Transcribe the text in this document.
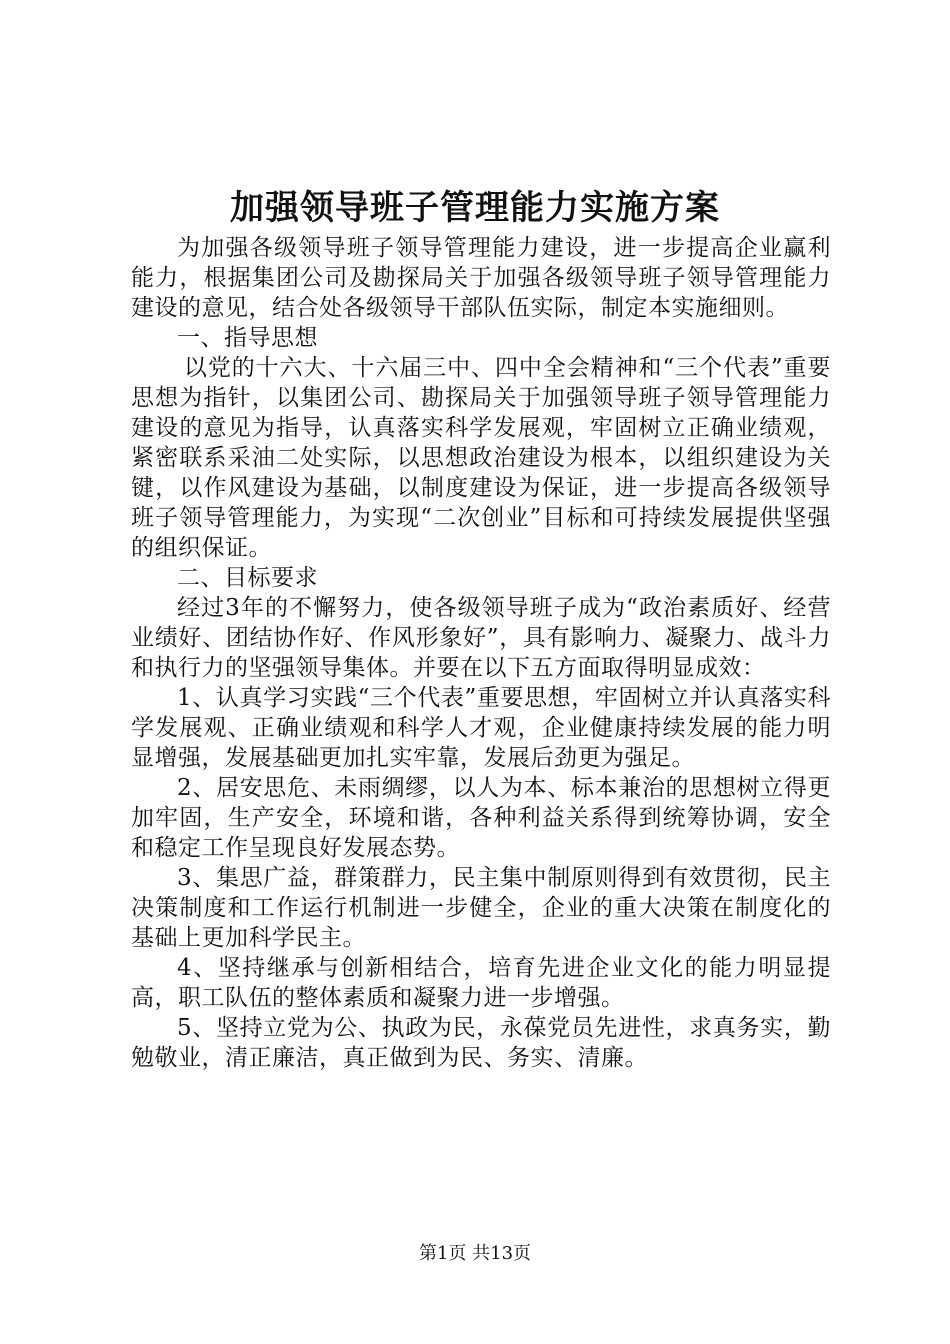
加强领导班子管理能力实施方案

为加强各级领导班子领导管理能力建设，进一步提高企业赢利能力，根据集团公司及勘探局关于加强各级领导班子领导管理能力建设的意见，结合处各级领导干部队伍实际，制定本实施细则。

一、指导思想

以党的十六大、十六届三中、四中全会精神和“三个代表”重要思想为指针，以集团公司、勘探局关于加强领导班子领导管理能力建设的意见为指导，认真落实科学发展观，牢固树立正确业绩观，紧密联系采油二处实际，以思想政治建设为根本，以组织建设为关键，以作风建设为基础，以制度建设为保证，进一步提高各级领导班子领导管理能力，为实现“二次创业”目标和可持续发展提供坚强的组织保证。

二、目标要求

经过3年的不懈努力，使各级领导班子成为“政治素质好、经营业绩好、团结协作好、作风形象好”，具有影响力、凝聚力、战斗力和执行力的坚强领导集体。并要在以下五方面取得明显成效：

1、认真学习实践“三个代表”重要思想，牢固树立并认真落实科学发展观、正确业绩观和科学人才观，企业健康持续发展的能力明显增强，发展基础更加扎实牢靠，发展后劲更为强足。

2、居安思危、未雨绸缪，以人为本、标本兼治的思想树立得更加牢固，生产安全，环境和谐，各种利益关系得到统筹协调，安全和稳定工作呈现良好发展态势。

3、集思广益，群策群力，民主集中制原则得到有效贯彻，民主决策制度和工作运行机制进一步健全，企业的重大决策在制度化的基础上更加科学民主。

4、坚持继承与创新相结合，培育先进企业文化的能力明显提高，职工队伍的整体素质和凝聚力进一步增强。

5、坚持立党为公、执政为民，永葆党员先进性，求真务实，勤勉敬业，清正廉洁，真正做到为民、务实、清廉。

第1页 共13页
